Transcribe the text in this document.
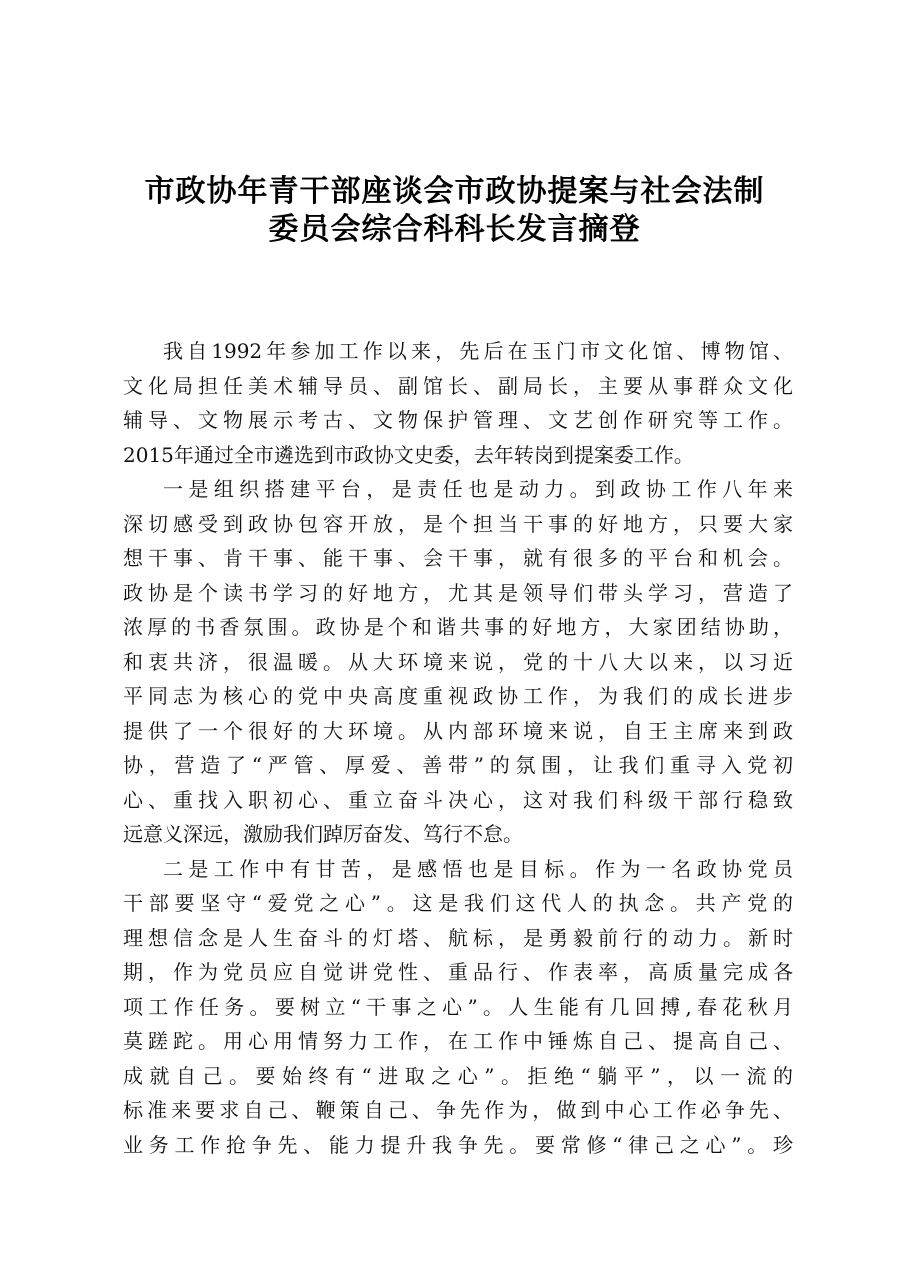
市政协年青干部座谈会市政协提案与社会法制
委员会综合科科长发言摘登

我自1992年参加工作以来，先后在玉门市文化馆、博物馆、
文化局担任美术辅导员、副馆长、副局长，主要从事群众文化
辅导、文物展示考古、文物保护管理、文艺创作研究等工作。
2015年通过全市遴选到市政协文史委，去年转岗到提案委工作。

一是组织搭建平台，是责任也是动力。到政协工作八年来
深切感受到政协包容开放，是个担当干事的好地方，只要大家
想干事、肯干事、能干事、会干事，就有很多的平台和机会。
政协是个读书学习的好地方，尤其是领导们带头学习，营造了
浓厚的书香氛围。政协是个和谐共事的好地方，大家团结协助，
和衷共济，很温暖。从大环境来说，党的十八大以来，以习近
平同志为核心的党中央高度重视政协工作，为我们的成长进步
提供了一个很好的大环境。从内部环境来说，自王主席来到政
协，营造了“严管、厚爱、善带”的氛围，让我们重寻入党初
心、重找入职初心、重立奋斗决心，这对我们科级干部行稳致
远意义深远，激励我们踔厉奋发、笃行不怠。

二是工作中有甘苦，是感悟也是目标。作为一名政协党员
干部要坚守“爱党之心”。这是我们这代人的执念。共产党的
理想信念是人生奋斗的灯塔、航标，是勇毅前行的动力。新时
期，作为党员应自觉讲党性、重品行、作表率，高质量完成各
项工作任务。要树立“干事之心”。人生能有几回搏,春花秋月
莫蹉跎。用心用情努力工作，在工作中锤炼自己、提高自己、
成就自己。要始终有“进取之心”。拒绝“躺平”，以一流的
标准来要求自己、鞭策自己、争先作为，做到中心工作必争先、
业务工作抢争先、能力提升我争先。要常修“律己之心”。珍
